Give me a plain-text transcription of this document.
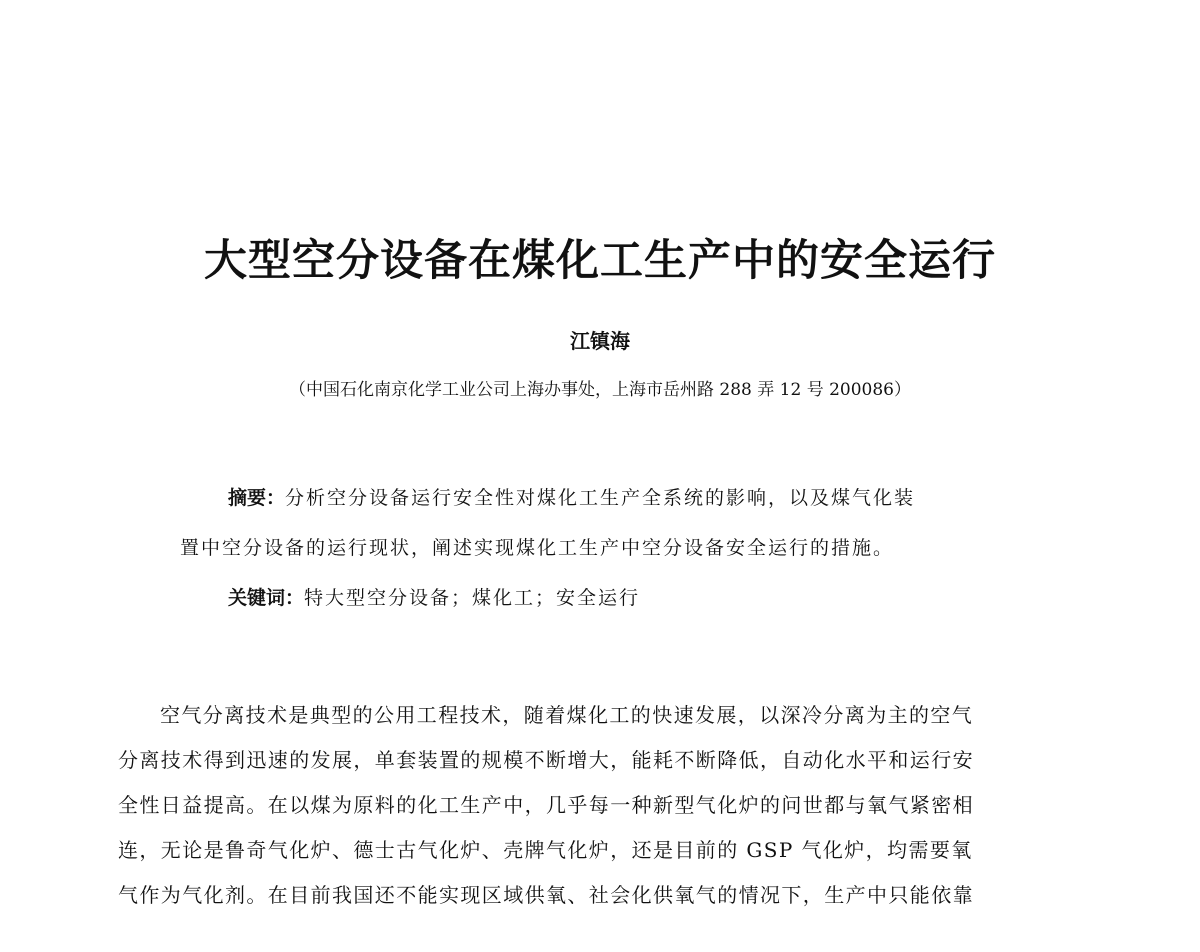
大型空分设备在煤化工生产中的安全运行
江镇海
（中国石化南京化学工业公司上海办事处，上海市岳州路 288 弄 12 号 200086）
摘要：分析空分设备运行安全性对煤化工生产全系统的影响，以及煤气化装
置中空分设备的运行现状，阐述实现煤化工生产中空分设备安全运行的措施。
关键词：特大型空分设备；煤化工；安全运行
空气分离技术是典型的公用工程技术，随着煤化工的快速发展，以深冷分离为主的空气
分离技术得到迅速的发展，单套装置的规模不断增大，能耗不断降低，自动化水平和运行安
全性日益提高。在以煤为原料的化工生产中，几乎每一种新型气化炉的问世都与氧气紧密相
连，无论是鲁奇气化炉、德士古气化炉、壳牌气化炉，还是目前的 GSP 气化炉，均需要氧
气作为气化剂。在目前我国还不能实现区域供氧、社会化供氧气的情况下，生产中只能依靠
